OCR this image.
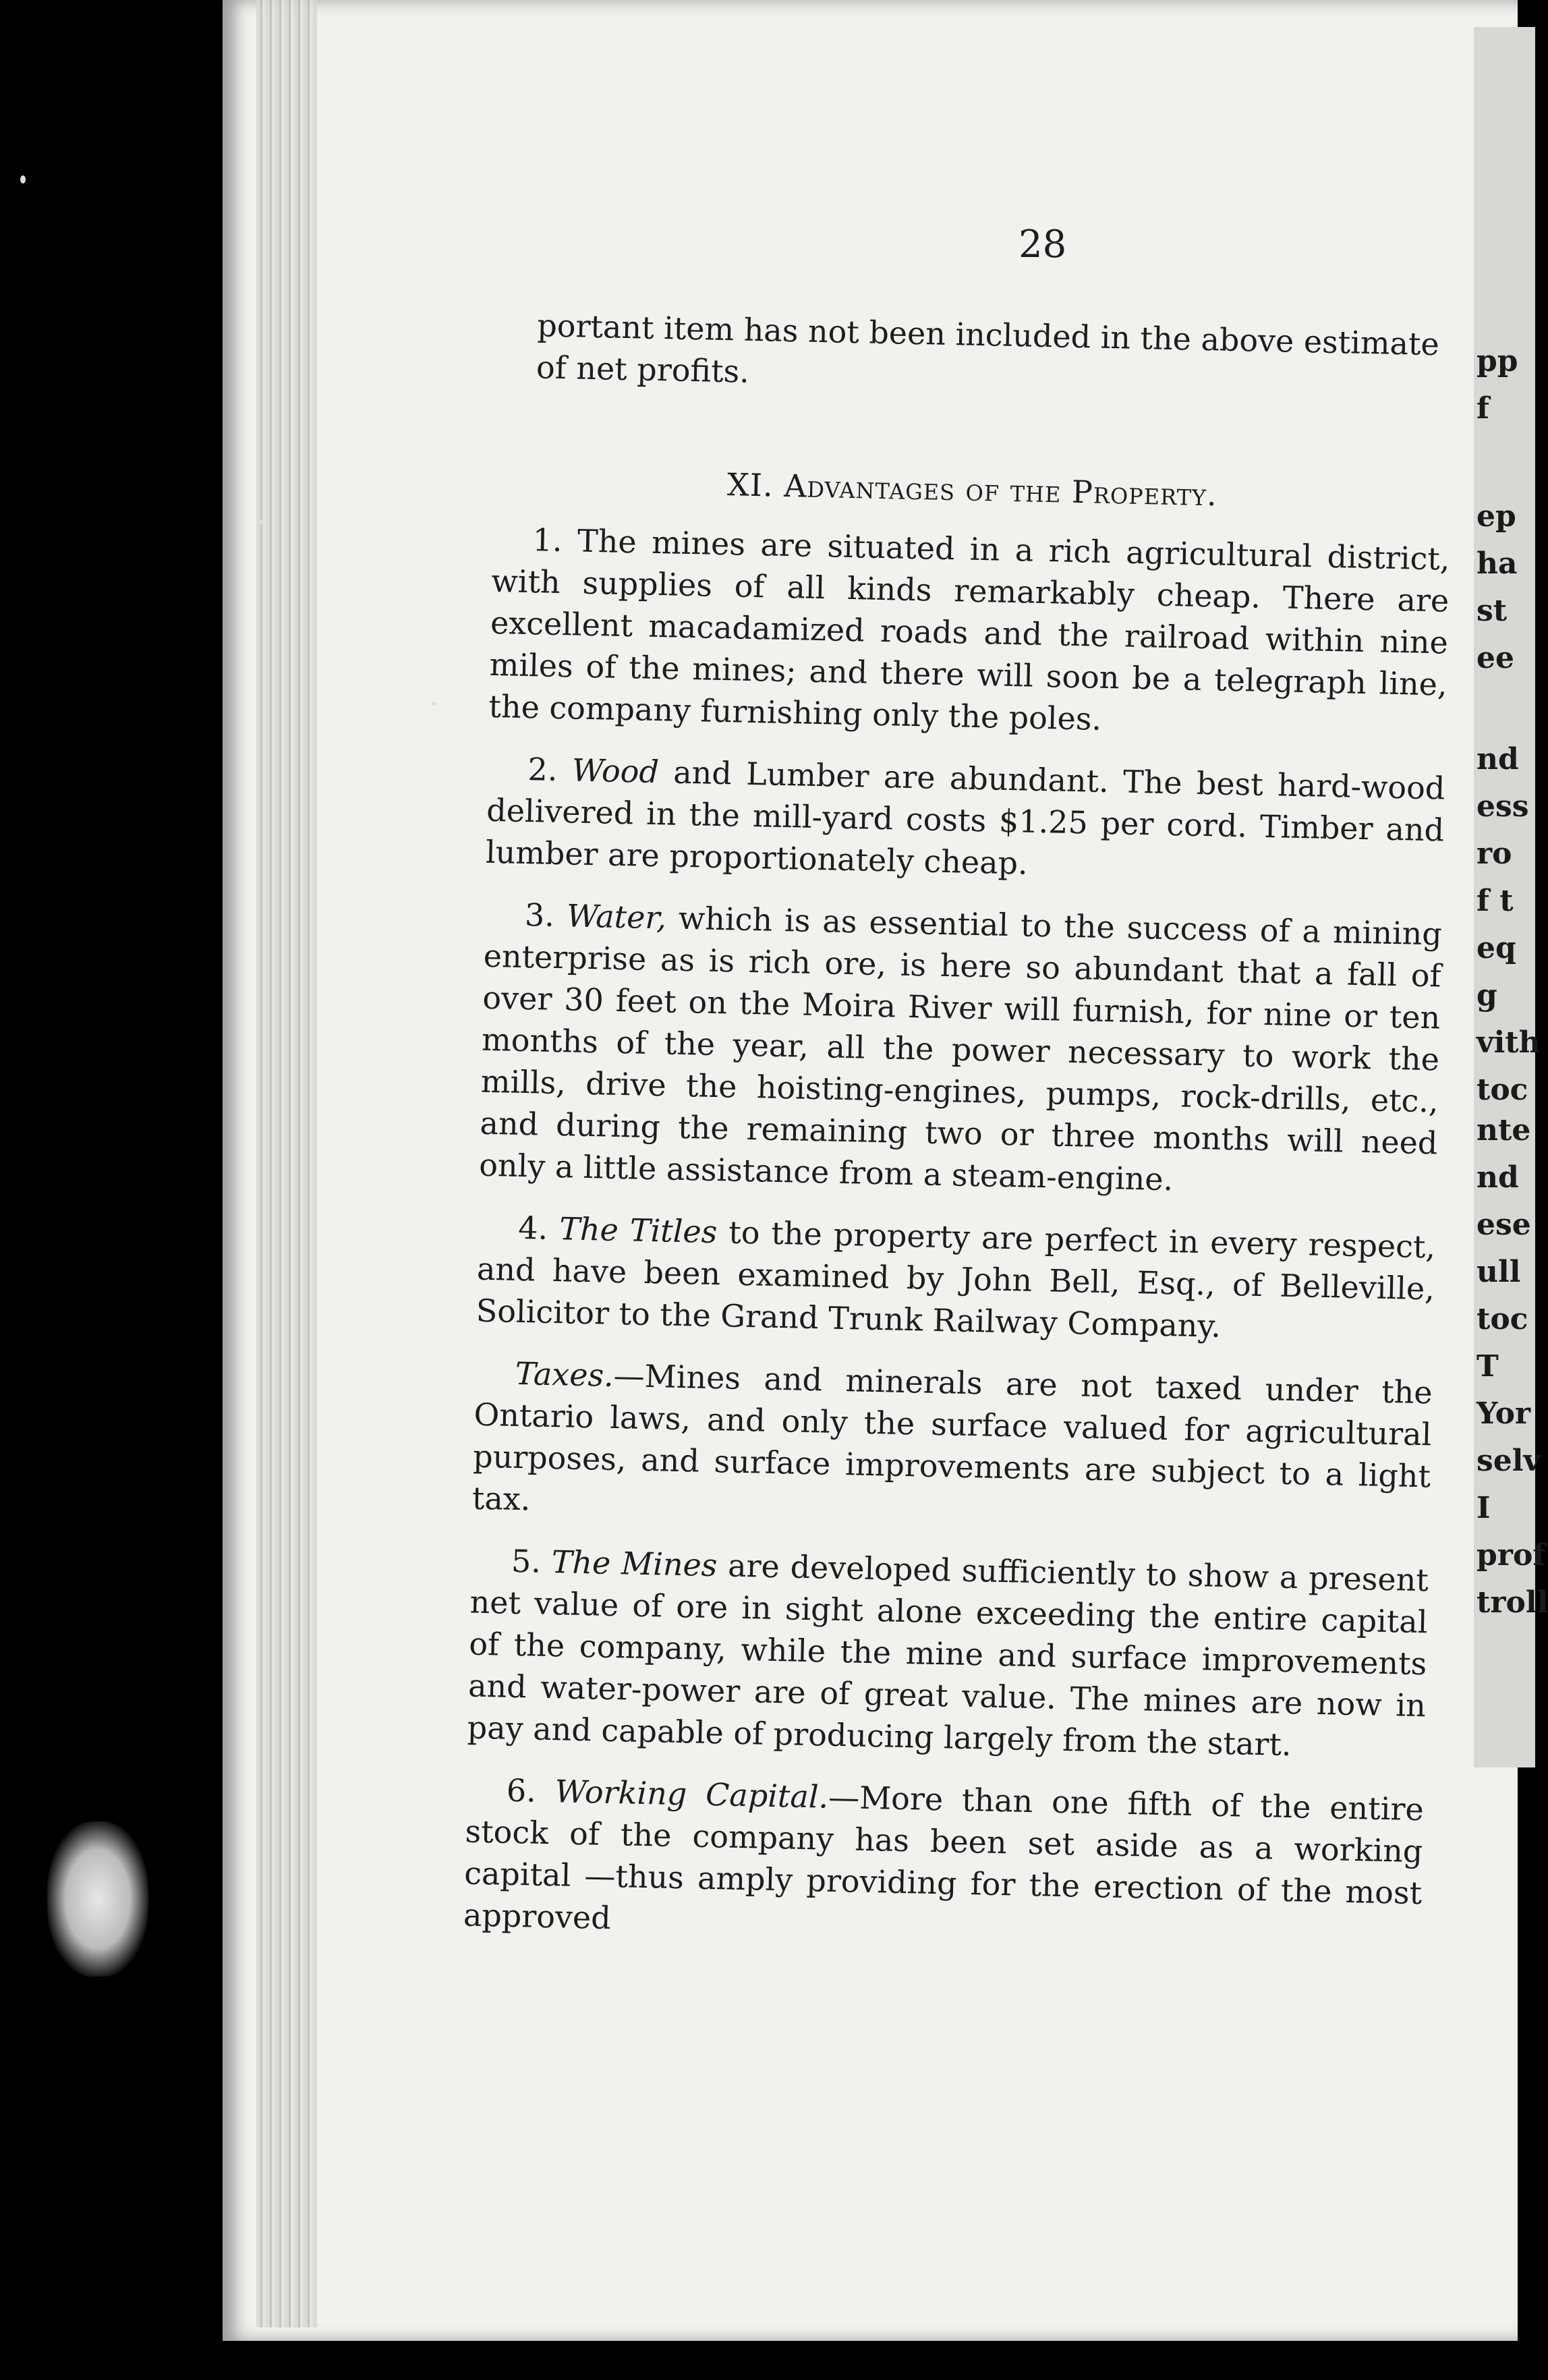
pp
f
ep
ha
st
ee
nd
ess
ro
f t
eq
g
vith
toc
nte
nd
ese
ull
toc
T
Yor
selv
I
prof
troll
28

portant item has not been included in the above estimate of net profits.

XI. Advantages of the Property.

1. The mines are situated in a rich agricultural district, with supplies of all kinds remarkably cheap. There are excellent macadamized roads and the railroad within nine miles of the mines; and there will soon be a telegraph line, the company furnishing only the poles.

2. Wood and Lumber are abundant. The best hard-wood delivered in the mill-yard costs $1.25 per cord. Timber and lumber are proportionately cheap.

3. Water, which is as essential to the success of a mining enterprise as is rich ore, is here so abundant that a fall of over 30 feet on the Moira River will furnish, for nine or ten months of the year, all the power necessary to work the mills, drive the hoisting-engines, pumps, rock-drills, etc., and during the remaining two or three months will need only a little assistance from a steam-engine.

4. The Titles to the property are perfect in every respect, and have been examined by John Bell, Esq., of Belleville, Solicitor to the Grand Trunk Railway Company.

Taxes.—Mines and minerals are not taxed under the Ontario laws, and only the surface valued for agricultural purposes, and surface improvements are subject to a light tax.

5. The Mines are developed sufficiently to show a present net value of ore in sight alone exceeding the entire capital of the company, while the mine and surface improvements and water-power are of great value. The mines are now in pay and capable of producing largely from the start.

6. Working Capital.—More than one fifth of the entire stock of the company has been set aside as a working capital —thus amply providing for the erection of the most approved
